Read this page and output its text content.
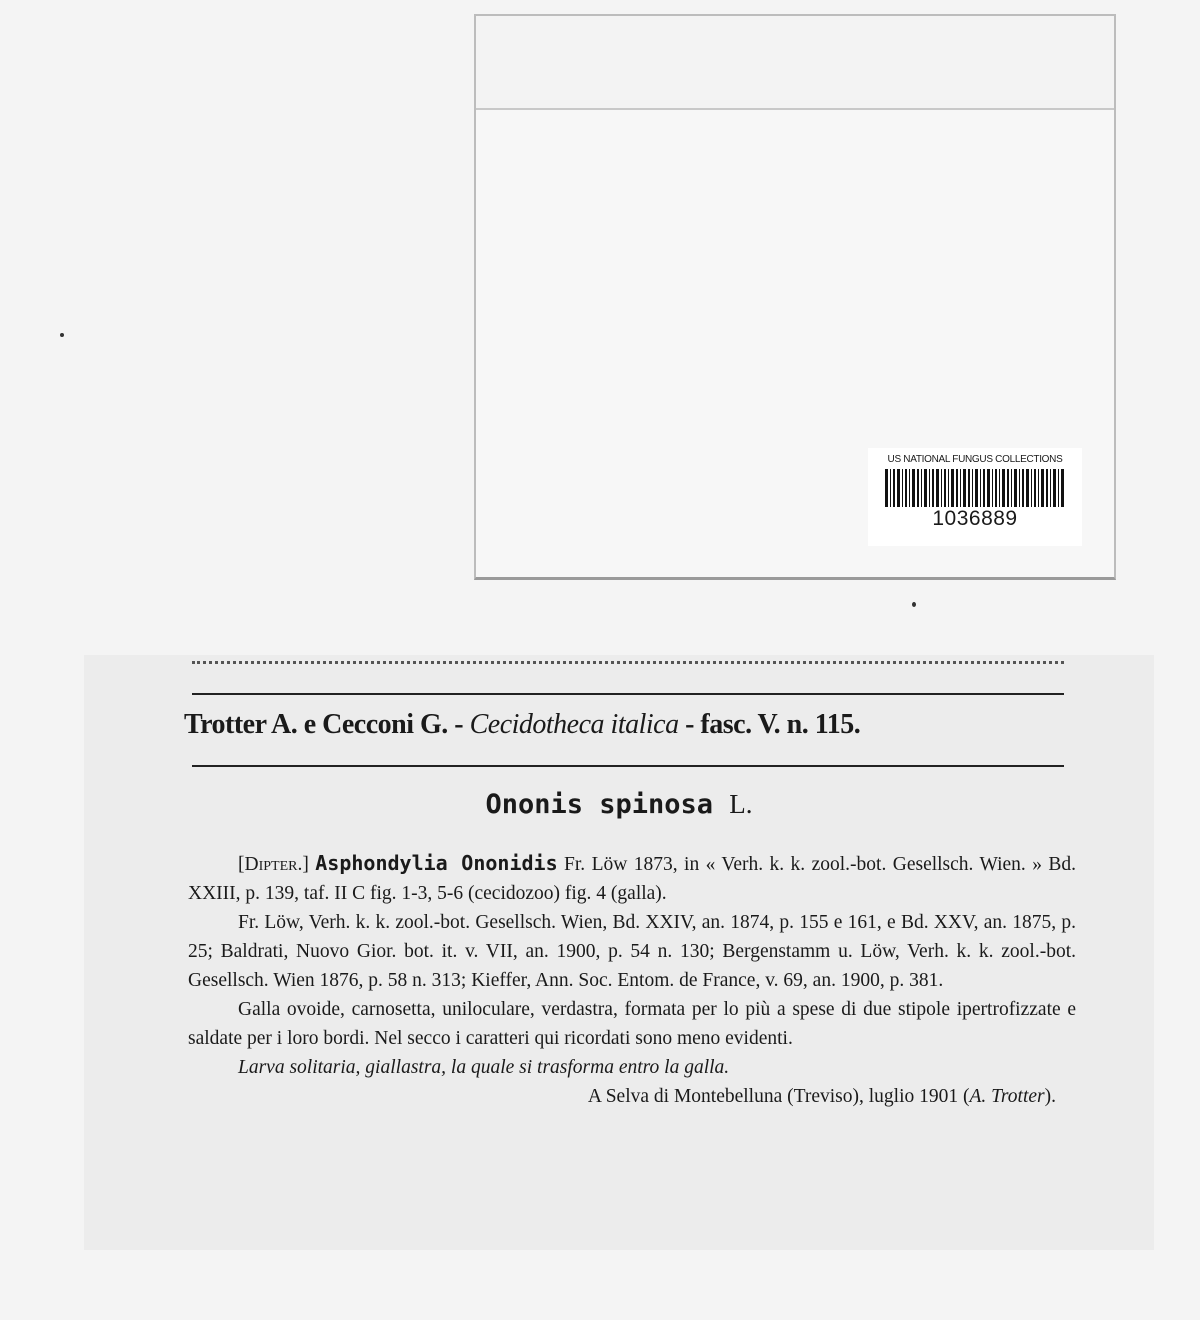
US NATIONAL FUNGUS COLLECTIONS
1036889
Trotter A. e Cecconi G. - Cecidotheca italica - fasc. V. n. 115.
Ononis spinosa L.

[Dipter.] Asphondylia Ononidis Fr. Löw 1873, in « Verh. k. k. zool.-bot. Gesellsch. Wien. » Bd. XXIII, p. 139, taf. II C fig. 1-3, 5-6 (cecidozoo) fig. 4 (galla).

Fr. Löw, Verh. k. k. zool.-bot. Gesellsch. Wien, Bd. XXIV, an. 1874, p. 155 e 161, e Bd. XXV, an. 1875, p. 25; Baldrati, Nuovo Gior. bot. it. v. VII, an. 1900, p. 54 n. 130; Bergenstamm u. Löw, Verh. k. k. zool.-bot. Gesellsch. Wien 1876, p. 58 n. 313; Kieffer, Ann. Soc. Entom. de France, v. 69, an. 1900, p. 381.

Galla ovoide, carnosetta, uniloculare, verdastra, formata per lo più a spese di due stipole ipertrofizzate e saldate per i loro bordi. Nel secco i caratteri qui ricordati sono meno evidenti.

Larva solitaria, giallastra, la quale si trasforma entro la galla.

A Selva di Montebelluna (Treviso), luglio 1901 (A. Trotter).
